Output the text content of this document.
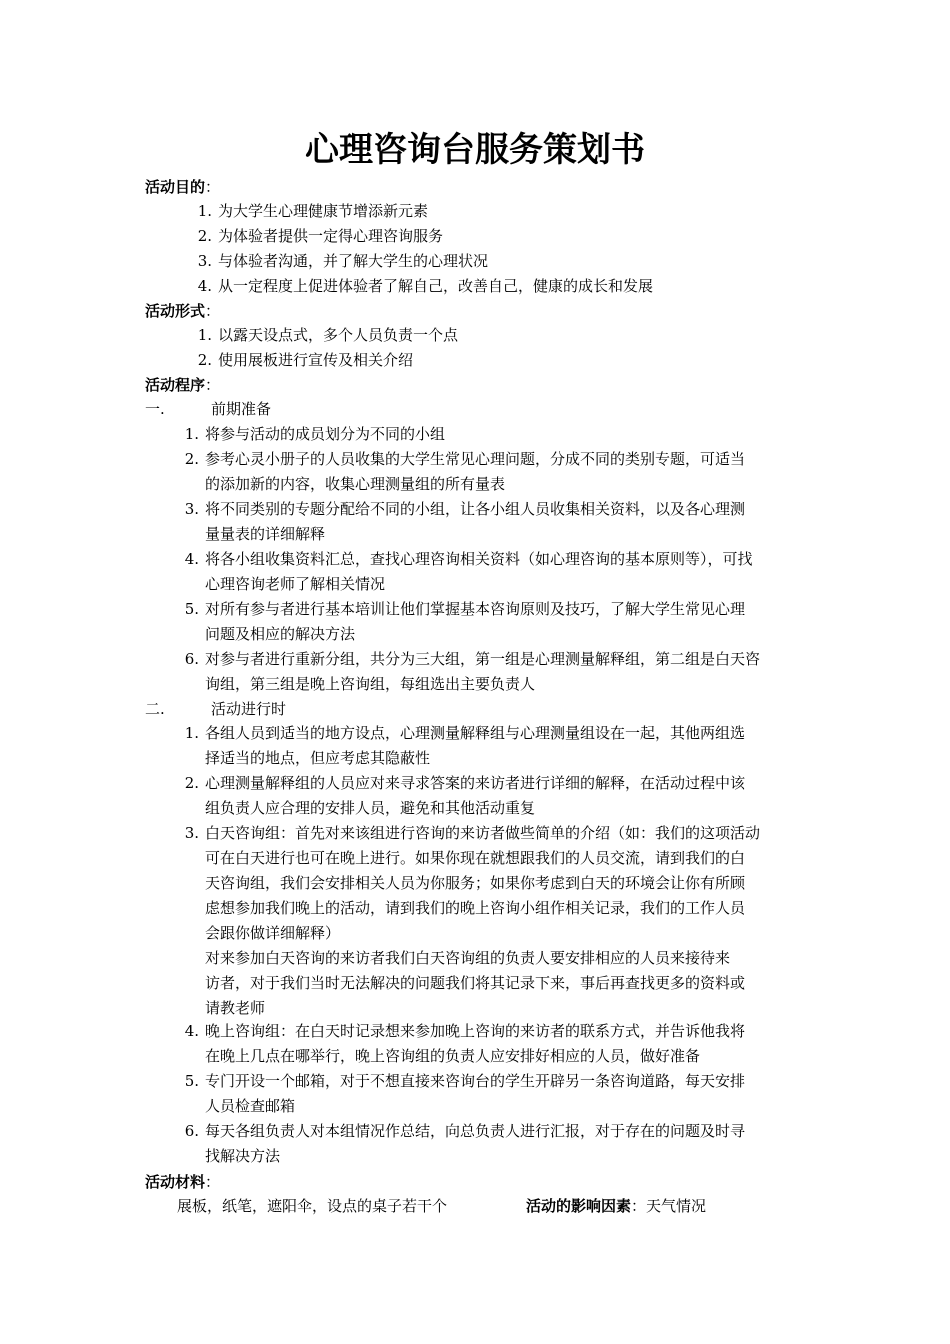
心理咨询台服务策划书
活动目的：
1. 为大学生心理健康节增添新元素
2. 为体验者提供一定得心理咨询服务
3. 与体验者沟通，并了解大学生的心理状况
4. 从一定程度上促进体验者了解自己，改善自己，健康的成长和发展
活动形式：
1. 以露天设点式，多个人员负责一个点
2. 使用展板进行宣传及相关介绍
活动程序：
一.	前期准备
1. 将参与活动的成员划分为不同的小组
2. 参考心灵小册子的人员收集的大学生常见心理问题，分成不同的类别专题，可适当
的添加新的内容，收集心理测量组的所有量表
3. 将不同类别的专题分配给不同的小组，让各小组人员收集相关资料，以及各心理测
量量表的详细解释
4. 将各小组收集资料汇总，查找心理咨询相关资料（如心理咨询的基本原则等），可找
心理咨询老师了解相关情况
5. 对所有参与者进行基本培训让他们掌握基本咨询原则及技巧，了解大学生常见心理
问题及相应的解决方法
6. 对参与者进行重新分组，共分为三大组，第一组是心理测量解释组，第二组是白天咨
询组，第三组是晚上咨询组，每组选出主要负责人
二.	活动进行时
1. 各组人员到适当的地方设点，心理测量解释组与心理测量组设在一起，其他两组选
择适当的地点，但应考虑其隐蔽性
2. 心理测量解释组的人员应对来寻求答案的来访者进行详细的解释，在活动过程中该
组负责人应合理的安排人员，避免和其他活动重复
3. 白天咨询组：首先对来该组进行咨询的来访者做些简单的介绍（如：我们的这项活动
可在白天进行也可在晚上进行。如果你现在就想跟我们的人员交流，请到我们的白
天咨询组，我们会安排相关人员为你服务；如果你考虑到白天的环境会让你有所顾
虑想参加我们晚上的活动，请到我们的晚上咨询小组作相关记录，我们的工作人员
会跟你做详细解释）
对来参加白天咨询的来访者我们白天咨询组的负责人要安排相应的人员来接待来
访者，对于我们当时无法解决的问题我们将其记录下来，事后再查找更多的资料或
请教老师
4. 晚上咨询组：在白天时记录想来参加晚上咨询的来访者的联系方式，并告诉他我将
在晚上几点在哪举行，晚上咨询组的负责人应安排好相应的人员，做好准备
5. 专门开设一个邮箱，对于不想直接来咨询台的学生开辟另一条咨询道路，每天安排
人员检查邮箱
6. 每天各组负责人对本组情况作总结，向总负责人进行汇报，对于存在的问题及时寻
找解决方法
活动材料：
展板，纸笔，遮阳伞，设点的桌子若干个	活动的影响因素：天气情况
